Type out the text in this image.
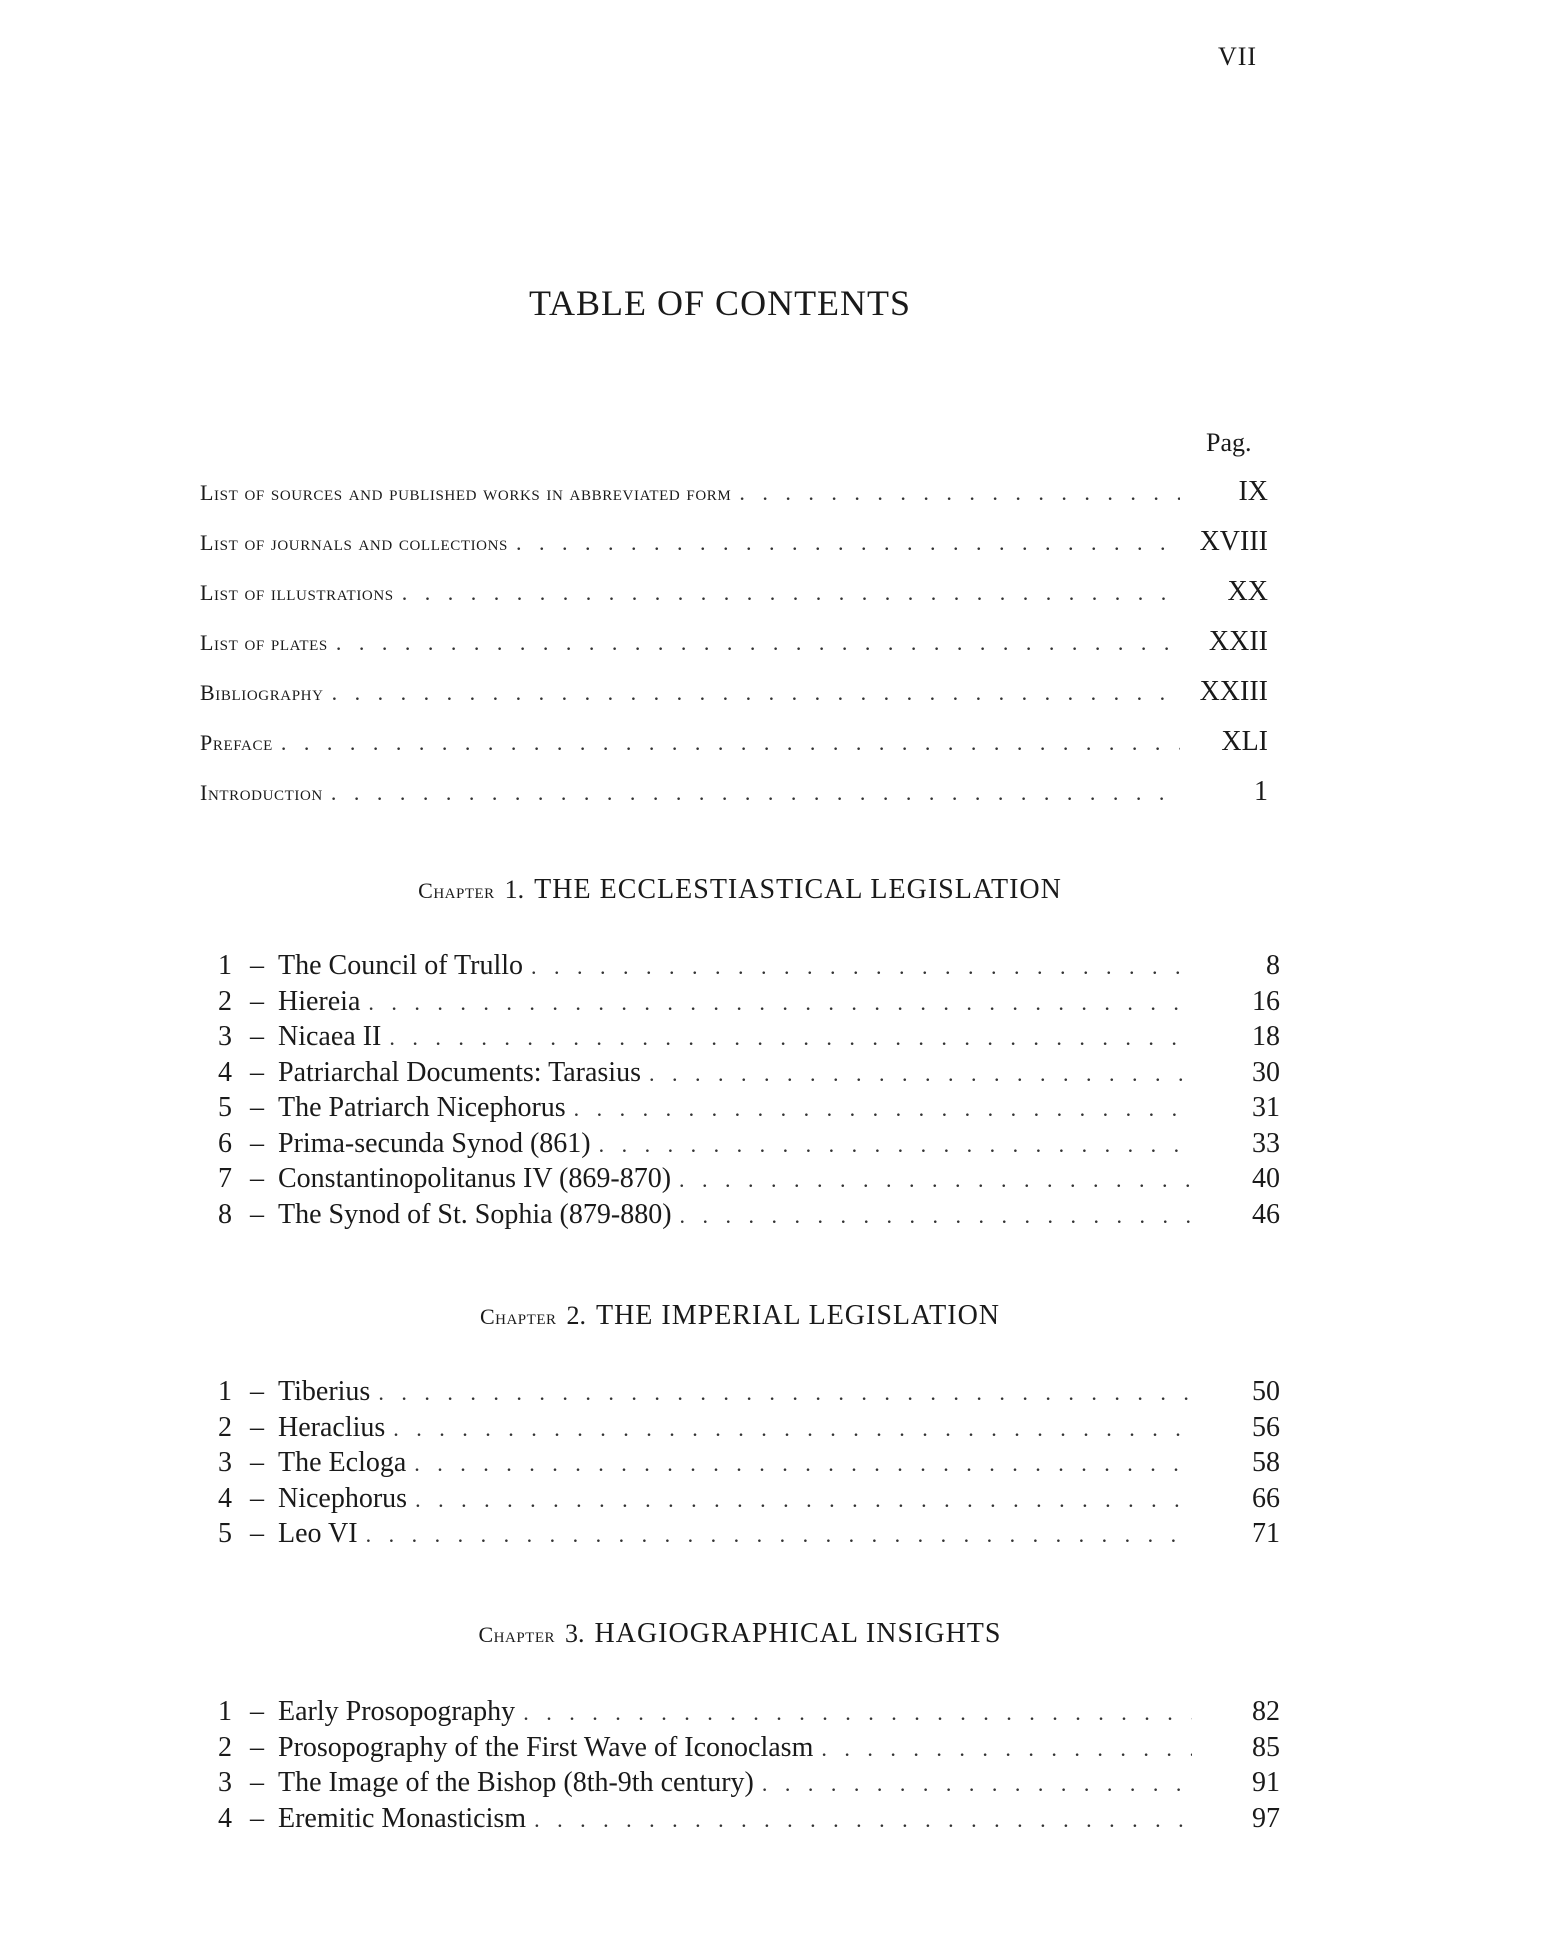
VII
TABLE OF CONTENTS
Pag.
List of sources and published works in abbreviated form . . .	IX
List of journals and collections . . .	XVIII
List of illustrations . . .	XX
List of plates . . .	XXII
Bibliography . . .	XXIII
Preface . . .	XLI
Introduction . . .	1
Chapter 1. THE ECCLESTIASTICAL LEGISLATION
1 – The Council of Trullo . . .	8
2 – Hiereia . . .	16
3 – Nicaea II . . .	18
4 – Patriarchal Documents: Tarasius . . .	30
5 – The Patriarch Nicephorus . . .	31
6 – Prima-secunda Synod (861) . . .	33
7 – Constantinopolitanus IV (869-870) . . .	40
8 – The Synod of St. Sophia (879-880) . . .	46
Chapter 2. THE IMPERIAL LEGISLATION
1 – Tiberius . . .	50
2 – Heraclius . . .	56
3 – The Ecloga . . .	58
4 – Nicephorus . . .	66
5 – Leo VI . . .	71
Chapter 3. HAGIOGRAPHICAL INSIGHTS
1 – Early Prosopography . . .	82
2 – Prosopography of the First Wave of Iconoclasm . . .	85
3 – The Image of the Bishop (8th-9th century) . . .	91
4 – Eremitic Monasticism . . .	97
